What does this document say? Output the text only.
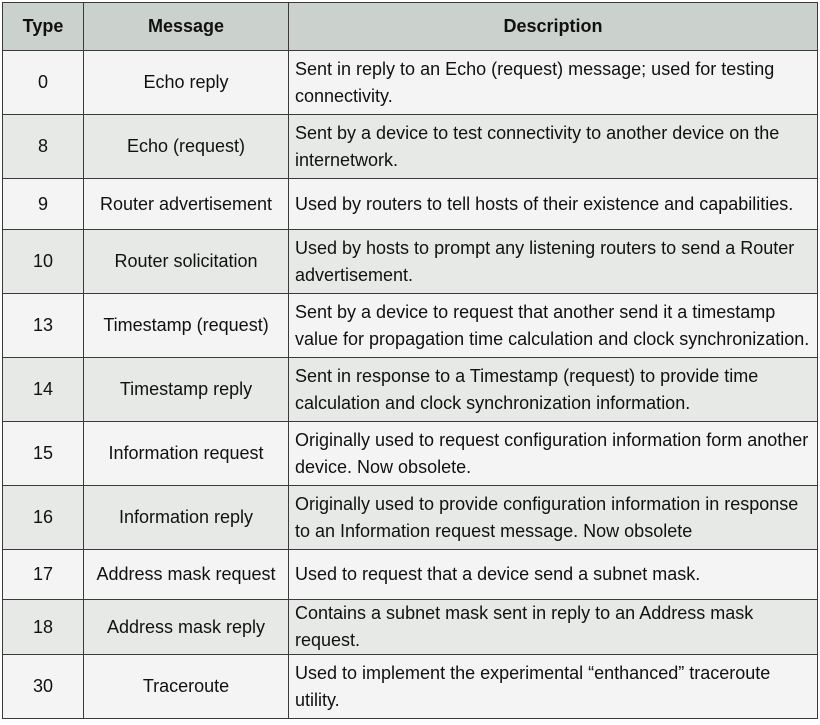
Type	Message	Description
0	Echo reply	Sent in reply to an Echo (request) message; used for testing connectivity.
8	Echo (request)	Sent by a device to test connectivity to another device on the internetwork.
9	Router advertisement	Used by routers to tell hosts of their existence and capabilities.
10	Router solicitation	Used by hosts to prompt any listening routers to send a Router advertisement.
13	Timestamp (request)	Sent by a device to request that another send it a timestamp value for propagation time calculation and clock synchronization.
14	Timestamp reply	Sent in response to a Timestamp (request) to provide time calculation and clock synchronization information.
15	Information request	Originally used to request configuration information form another device. Now obsolete.
16	Information reply	Originally used to provide configuration information in response to an Information request message. Now obsolete
17	Address mask request	Used to request that a device send a subnet mask.
18	Address mask reply	Contains a subnet mask sent in reply to an Address mask request.
30	Traceroute	Used to implement the experimental “enthanced” traceroute utility.
